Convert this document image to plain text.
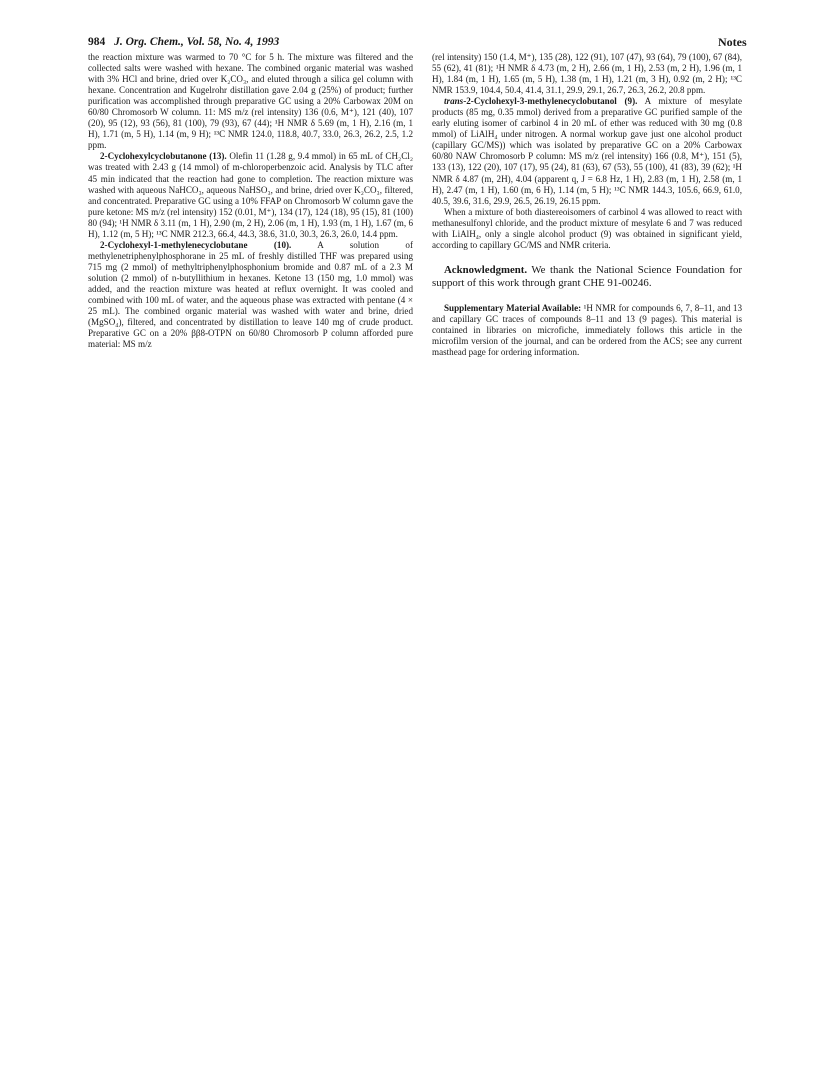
984 J. Org. Chem., Vol. 58, No. 4, 1993	Notes

the reaction mixture was warmed to 70 °C for 5 h. The mixture was filtered and the collected salts were washed with hexane. The combined organic material was washed with 3% HCl and brine, dried over K₂CO₃, and eluted through a silica gel column with hexane. Concentration and Kugelrohr distillation gave 2.04 g (25%) of product; further purification was accomplished through preparative GC using a 20% Carbowax 20M on 60/80 Chromosorb W column. 11: MS m/z (rel intensity) 136 (0.6, M⁺), 121 (40), 107 (20), 95 (12), 93 (56), 81 (100), 79 (93), 67 (44); ¹H NMR δ 5.69 (m, 1 H), 2.16 (m, 1 H), 1.71 (m, 5 H), 1.14 (m, 9 H); ¹³C NMR 124.0, 118.8, 40.7, 33.0, 26.3, 26.2, 2.5, 1.2 ppm.

2-Cyclohexylcyclobutanone (13). Olefin 11 (1.28 g, 9.4 mmol) in 65 mL of CH₂Cl₂ was treated with 2.43 g (14 mmol) of m-chloroperbenzoic acid. Analysis by TLC after 45 min indicated that the reaction had gone to completion. The reaction mixture was washed with aqueous NaHCO₃, aqueous NaHSO₃, and brine, dried over K₂CO₃, filtered, and concentrated. Preparative GC using a 10% FFAP on Chromosorb W column gave the pure ketone: MS m/z (rel intensity) 152 (0.01, M⁺), 134 (17), 124 (18), 95 (15), 81 (100) 80 (94); ¹H NMR δ 3.11 (m, 1 H), 2.90 (m, 2 H), 2.06 (m, 1 H), 1.93 (m, 1 H), 1.67 (m, 6 H), 1.12 (m, 5 H); ¹³C NMR 212.3, 66.4, 44.3, 38.6, 31.0, 30.3, 26.3, 26.0, 14.4 ppm.

2-Cyclohexyl-1-methylenecyclobutane (10). A solution of methylenetriphenylphosphorane in 25 mL of freshly distilled THF was prepared using 715 mg (2 mmol) of methyltriphenylphosphonium bromide and 0.87 mL of a 2.3 M solution (2 mmol) of n-butyllithium in hexanes. Ketone 13 (150 mg, 1.0 mmol) was added, and the reaction mixture was heated at reflux overnight. It was cooled and combined with 100 mL of water, and the aqueous phase was extracted with pentane (4 × 25 mL). The combined organic material was washed with water and brine, dried (MgSO₄), filtered, and concentrated by distillation to leave 140 mg of crude product. Preparative GC on a 20% ββ8-OTPN on 60/80 Chromosorb P column afforded pure material: MS m/z

(rel intensity) 150 (1.4, M⁺), 135 (28), 122 (91), 107 (47), 93 (64), 79 (100), 67 (84), 55 (62), 41 (81); ¹H NMR δ 4.73 (m, 2 H), 2.66 (m, 1 H), 2.53 (m, 2 H), 1.96 (m, 1 H), 1.84 (m, 1 H), 1.65 (m, 5 H), 1.38 (m, 1 H), 1.21 (m, 3 H), 0.92 (m, 2 H); ¹³C NMR 153.9, 104.4, 50.4, 41.4, 31.1, 29.9, 29.1, 26.7, 26.3, 26.2, 20.8 ppm.

trans-2-Cyclohexyl-3-methylenecyclobutanol (9). A mixture of mesylate products (85 mg, 0.35 mmol) derived from a preparative GC purified sample of the early eluting isomer of carbinol 4 in 20 mL of ether was reduced with 30 mg (0.8 mmol) of LiAlH₄ under nitrogen. A normal workup gave just one alcohol product (capillary GC/MS)) which was isolated by preparative GC on a 20% Carbowax 60/80 NAW Chromosorb P column: MS m/z (rel intensity) 166 (0.8, M⁺), 151 (5), 133 (13), 122 (20), 107 (17), 95 (24), 81 (63), 67 (53), 55 (100), 41 (83), 39 (62); ¹H NMR δ 4.87 (m, 2H), 4.04 (apparent q, J = 6.8 Hz, 1 H), 2.83 (m, 1 H), 2.58 (m, 1 H), 2.47 (m, 1 H), 1.60 (m, 6 H), 1.14 (m, 5 H); ¹³C NMR 144.3, 105.6, 66.9, 61.0, 40.5, 39.6, 31.6, 29.9, 26.5, 26.19, 26.15 ppm.

When a mixture of both diastereoisomers of carbinol 4 was allowed to react with methanesulfonyl chloride, and the product mixture of mesylate 6 and 7 was reduced with LiAlH₄, only a single alcohol product (9) was obtained in significant yield, according to capillary GC/MS and NMR criteria.

Acknowledgment. We thank the National Science Foundation for support of this work through grant CHE 91-00246.

Supplementary Material Available: ¹H NMR for compounds 6, 7, 8–11, and 13 and capillary GC traces of compounds 8–11 and 13 (9 pages). This material is contained in libraries on microfiche, immediately follows this article in the microfilm version of the journal, and can be ordered from the ACS; see any current masthead page for ordering information.
